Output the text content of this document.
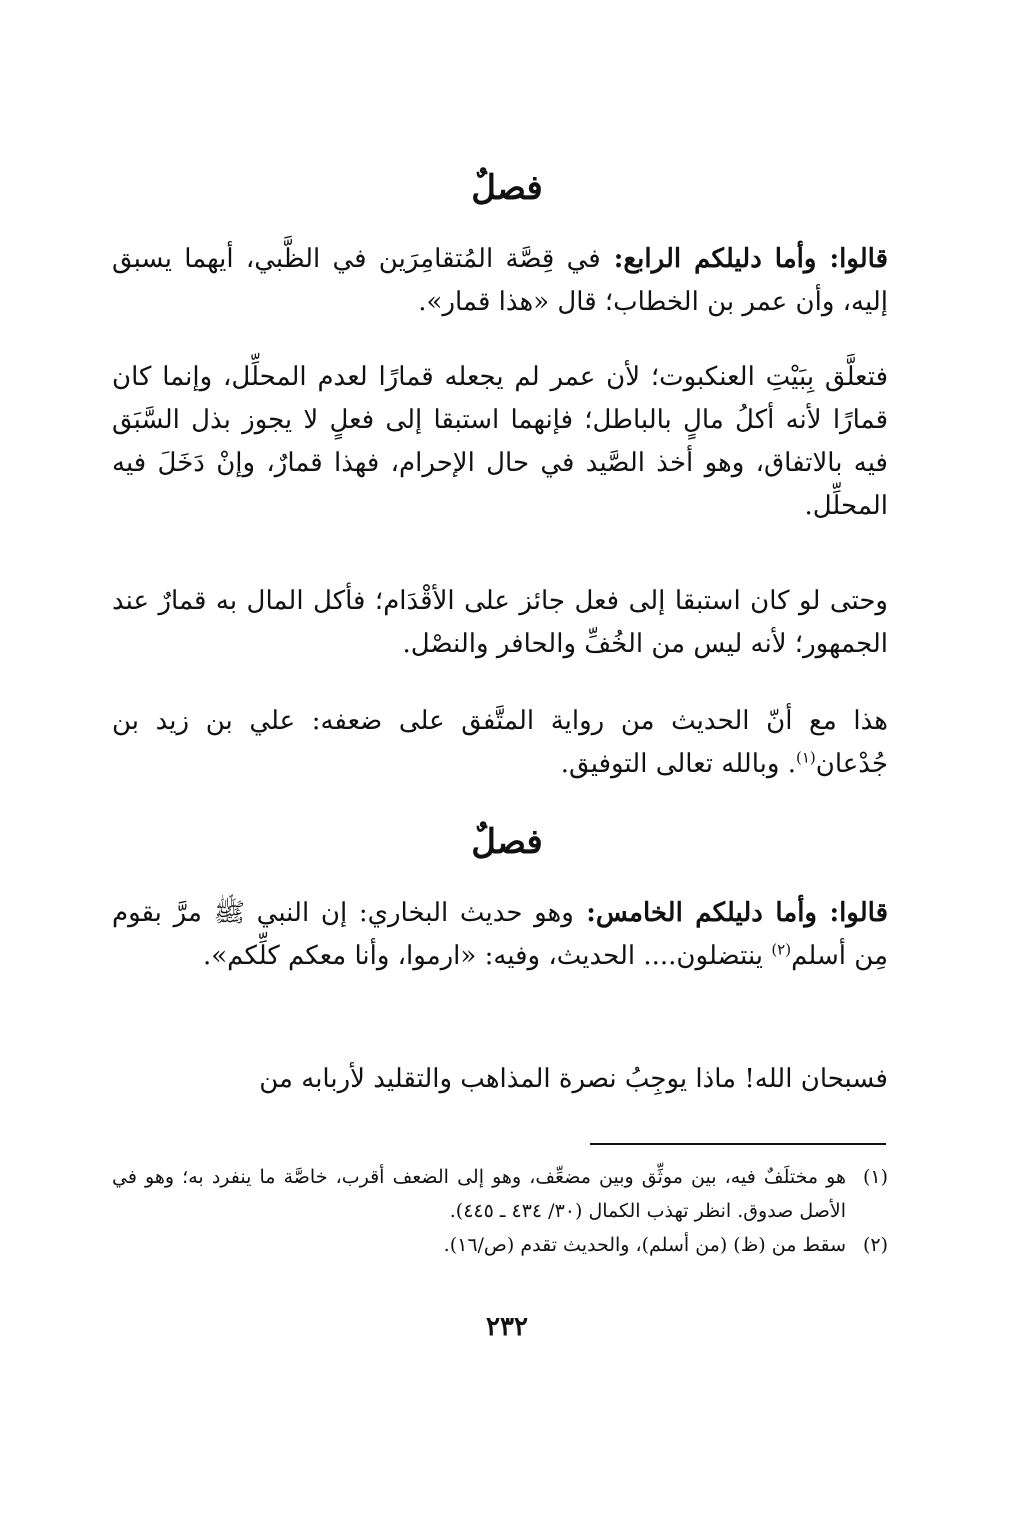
فصلٌ
قالوا: وأما دليلكم الرابع: في قِصَّة المُتقامِرَين في الظَّبي، أيهما يسبق إليه، وأن عمر بن الخطاب؛ قال «هذا قمار».
فتعلَّق بِبَيْتِ العنكبوت؛ لأن عمر لم يجعله قمارًا لعدم المحلِّل، وإنما كان قمارًا لأنه أكلُ مالٍ بالباطل؛ فإنهما استبقا إلى فعلٍ لا يجوز بذل السَّبَق فيه بالاتفاق، وهو أخذ الصَّيد في حال الإحرام، فهذا قمارٌ، وإنْ دَخَلَ فيه المحلِّل.
وحتى لو كان استبقا إلى فعل جائز على الأقْدَام؛ فأكل المال به قمارٌ عند الجمهور؛ لأنه ليس من الخُفِّ والحافر والنصْل.
هذا مع أنّ الحديث من رواية المتَّفق على ضعفه: علي بن زيد بن جُدْعان$^{(١)}$. وبالله تعالى التوفيق.
فصلٌ
قالوا: وأما دليلكم الخامس: وهو حديث البخاري: إن النبي ﷺ مرَّ بقوم مِن أسلم$^{(٢)}$ ينتضلون.... الحديث، وفيه: «ارموا، وأنا معكم كلِّكم».
فسبحان الله! ماذا يوجِبُ نصرة المذاهب والتقليد لأربابه من
(١)
هو مختلَفٌ فيه، بين موثِّق وبين مضعِّف، وهو إلى الضعف أقرب، خاصَّة ما ينفرد به؛ وهو في الأصل صدوق. انظر تهذب الكمال (٣٠/ ٤٣٤ ـ ٤٤٥).
(٢)
سقط من (ظ) (من أسلم)، والحديث تقدم (ص/١٦).
٢٣٢
